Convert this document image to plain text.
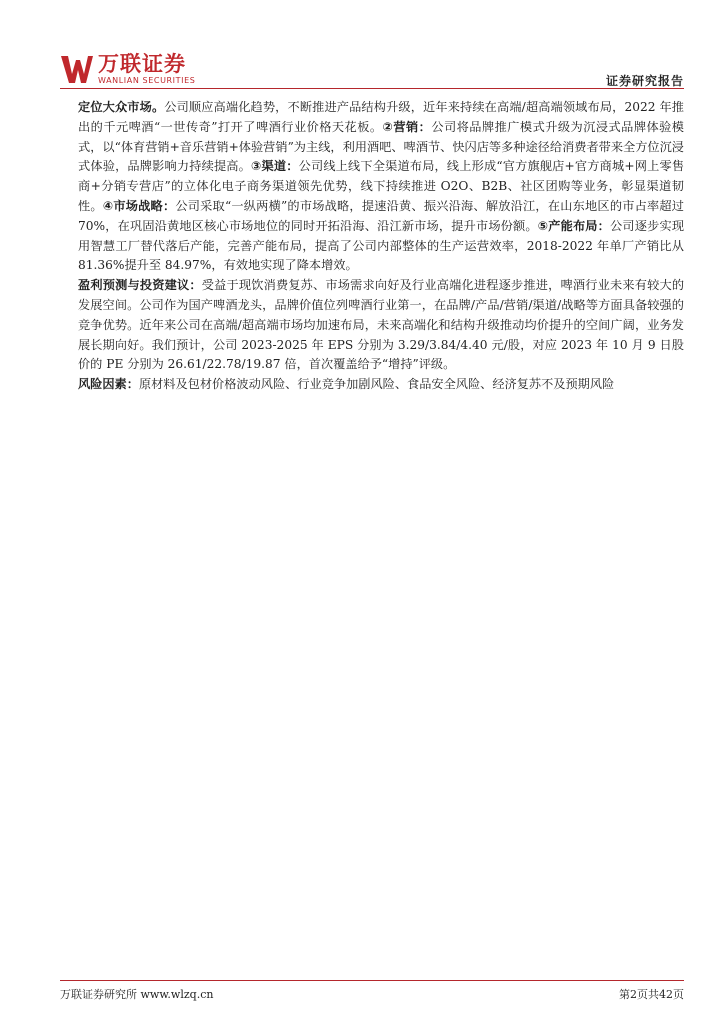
万联证券
WANLIAN SECURITIES	证券研究报告

定位大众市场。公司顺应高端化趋势，不断推进产品结构升级，近年来持续在高端/超高端领域布局，2022 年推出的千元啤酒“一世传奇”打开了啤酒行业价格天花板。②营销：公司将品牌推广模式升级为沉浸式品牌体验模式，以“体育营销+音乐营销+体验营销”为主线，利用酒吧、啤酒节、快闪店等多种途径给消费者带来全方位沉浸式体验，品牌影响力持续提高。③渠道：公司线上线下全渠道布局，线上形成“官方旗舰店+官方商城+网上零售商+分销专营店”的立体化电子商务渠道领先优势，线下持续推进 O2O、B2B、社区团购等业务，彰显渠道韧性。④市场战略：公司采取“一纵两横”的市场战略，提速沿黄、振兴沿海、解放沿江，在山东地区的市占率超过 70%，在巩固沿黄地区核心市场地位的同时开拓沿海、沿江新市场，提升市场份额。⑤产能布局：公司逐步实现用智慧工厂替代落后产能，完善产能布局，提高了公司内部整体的生产运营效率，2018-2022 年单厂产销比从 81.36%提升至 84.97%，有效地实现了降本增效。

盈利预测与投资建议：受益于现饮消费复苏、市场需求向好及行业高端化进程逐步推进，啤酒行业未来有较大的发展空间。公司作为国产啤酒龙头，品牌价值位列啤酒行业第一，在品牌/产品/营销/渠道/战略等方面具备较强的竞争优势。近年来公司在高端/超高端市场均加速布局，未来高端化和结构升级推动均价提升的空间广阔，业务发展长期向好。我们预计，公司 2023-2025 年 EPS 分别为 3.29/3.84/4.40 元/股，对应 2023 年 10 月 9 日股价的 PE 分别为 26.61/22.78/19.87 倍，首次覆盖给予“增持”评级。

风险因素：原材料及包材价格波动风险、行业竞争加剧风险、食品安全风险、经济复苏不及预期风险

万联证券研究所 www.wlzq.cn	第2页共42页
